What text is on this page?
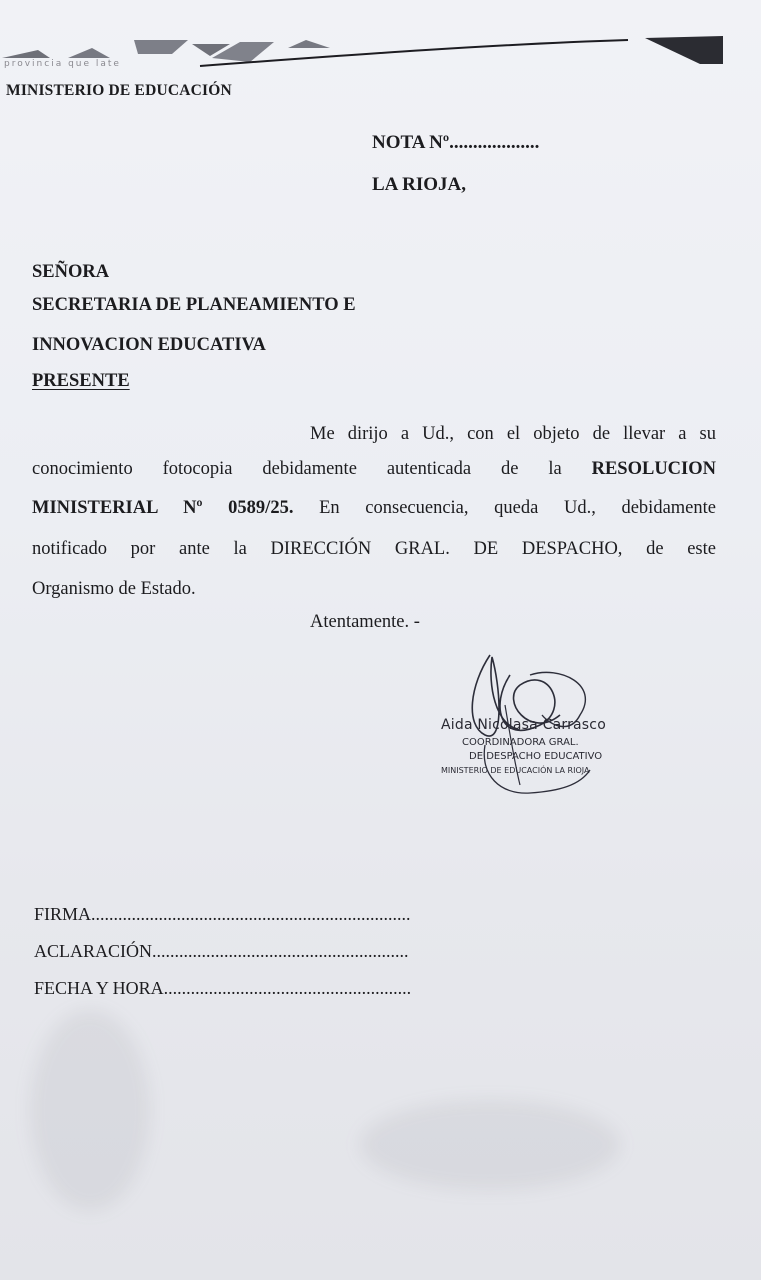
provincia que late
MINISTERIO DE EDUCACIÓN
NOTA Nº...................
LA RIOJA,
SEÑORA
SECRETARIA DE PLANEAMIENTO E
INNOVACION EDUCATIVA
PRESENTE
Me dirijo a Ud., con el objeto de llevar a su
conocimiento fotocopia debidamente autenticada de la RESOLUCION
MINISTERIAL Nº 0589/25. En consecuencia, queda Ud., debidamente
notificado por ante la DIRECCIÓN GRAL. DE DESPACHO, de este
Organismo de Estado.
Atentamente. -
Aida Nicolasa Carrasco
COORDINADORA GRAL.
DE DESPACHO EDUCATIVO
MINISTERIO DE EDUCACIÓN LA RIOJA
FIRMA.......................................................................
ACLARACIÓN.........................................................
FECHA Y HORA.......................................................
